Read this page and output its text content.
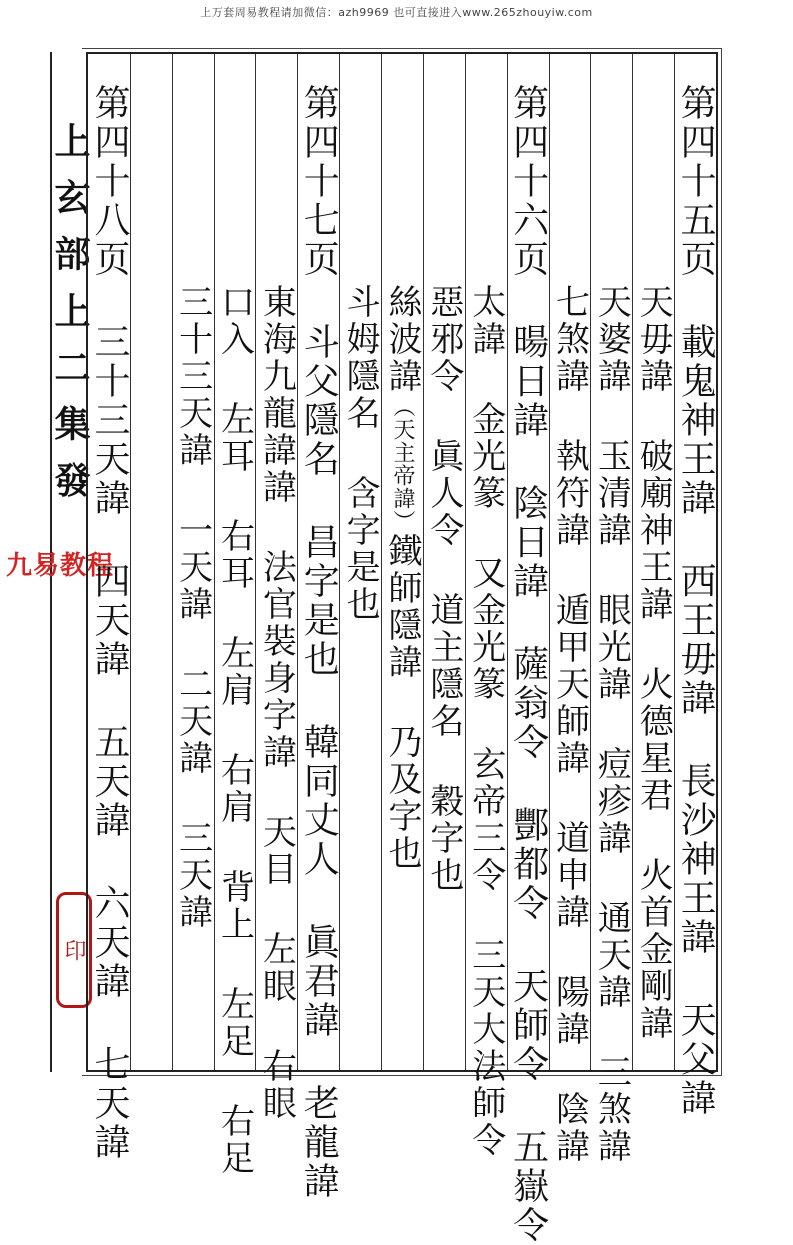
上万套周易教程请加微信：azh9969 也可直接进入www.265zhouyiw.com
上 玄 部 上 二 集 發
印
九易教程	第四十五页 載鬼神王諱 西王毋諱 長沙神王諱 天父諱
天毋諱 破廟神王諱 火德星君 火首金剛諱
天婆諱 玉清諱 眼光諱 痘疹諱 通天諱 三煞諱
七煞諱 執符諱 遁甲天師諱 道申諱 陽諱 陰諱
第四十六页 暘日諱 陰日諱 薩翁令 酆都令 天師令 五嶽令
太諱 金光篆 又金光篆 玄帝三令 三天大法師令
惡邪令 眞人令 道主隱名 穀字也
絲波諱（天主帝諱）鐵師隱諱 乃及字也
斗姆隱名 含字是也
第四十七页 斗父隱名 昌字是也 韓同丈人 眞君諱 老龍諱
東海九龍諱諱 法官裝身字諱 天目 左眼 右眼
口入 左耳 右耳 左肩 右肩 背上 左足 右足
三十三天諱 一天諱 二天諱 三天諱
第四十八页 三十三天諱 四天諱 五天諱 六天諱 七天諱
